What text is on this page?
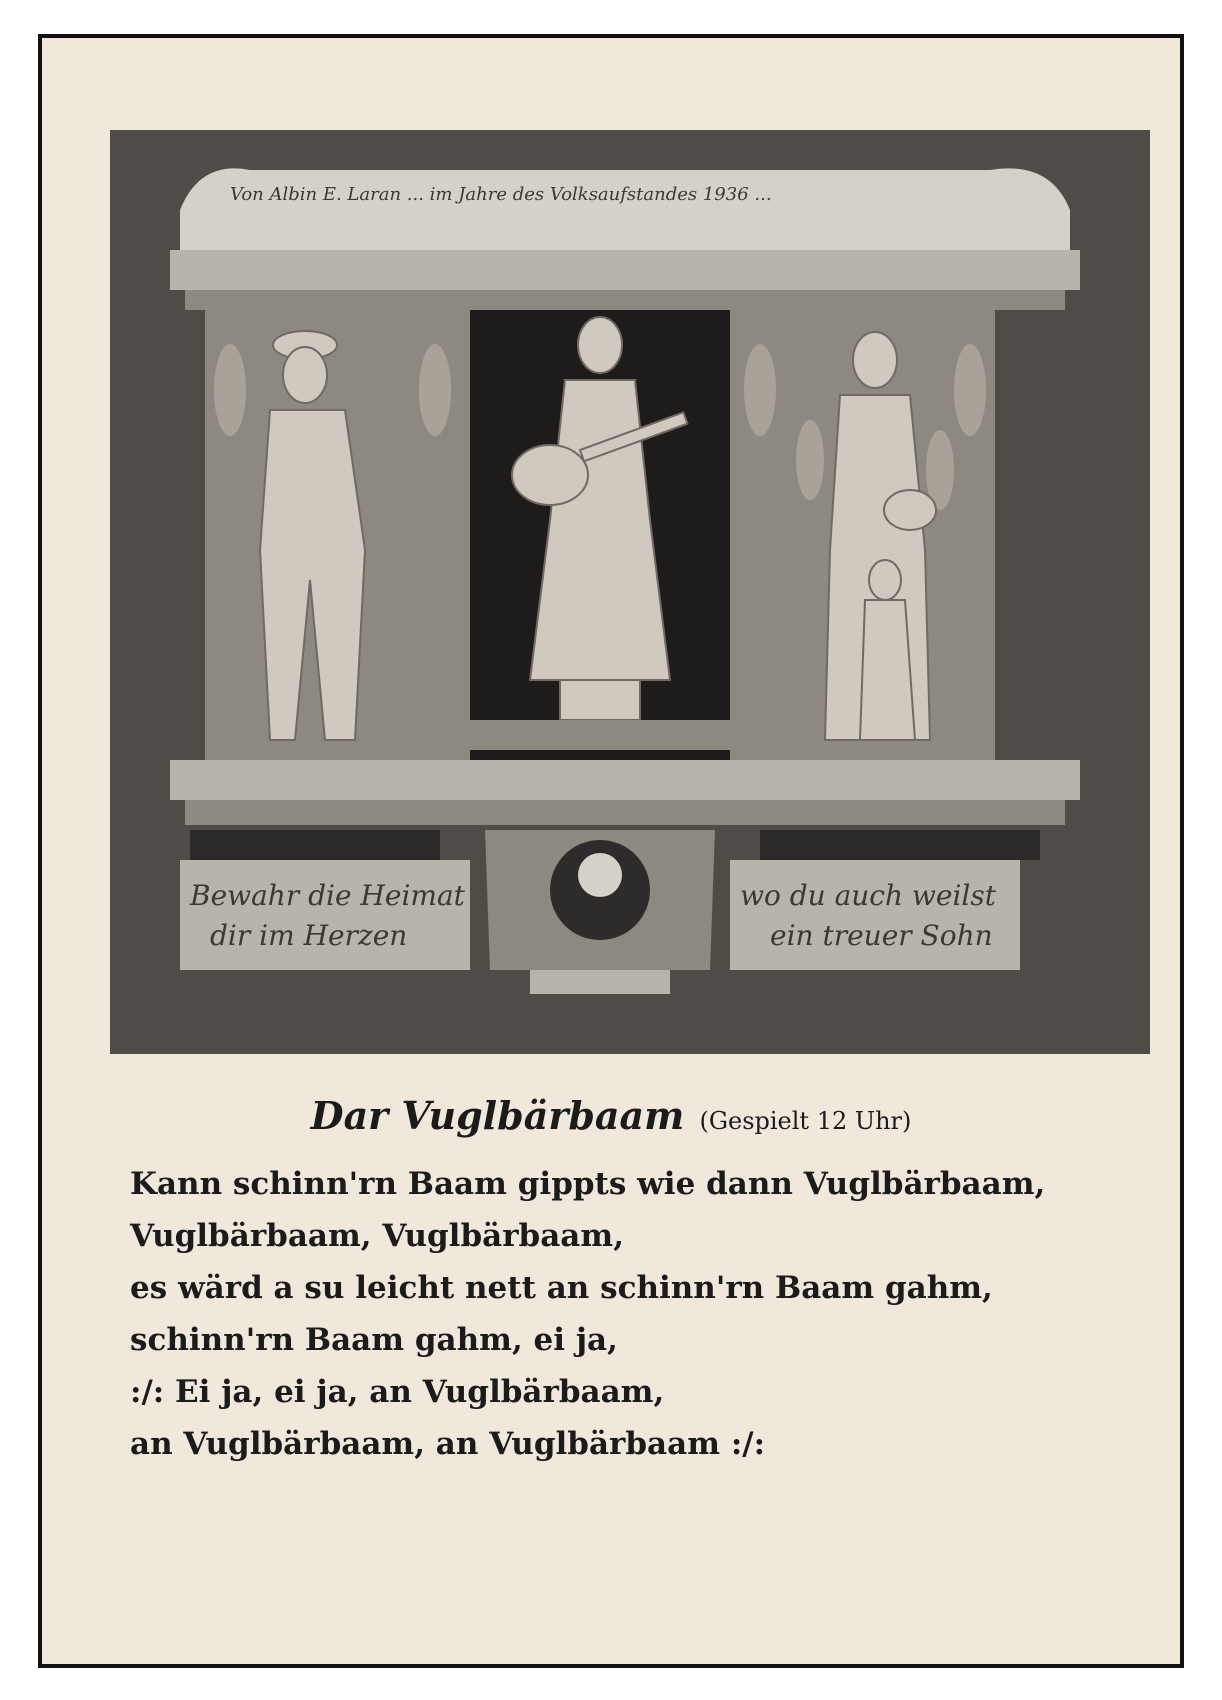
Von Albin E. Laran ... im Jahre des Volksaufstandes 1936 ...
Bewahr die Heimat
dir im Herzen
wo du auch weilst
ein treuer Sohn
Dar Vuglbärbaam (Gespielt 12 Uhr)
Kann schinn'rn Baam gippts wie dann Vuglbärbaam,
Vuglbärbaam, Vuglbärbaam,
es wärd a su leicht nett an schinn'rn Baam gahm,
schinn'rn Baam gahm, ei ja,
:/: Ei ja, ei ja, an Vuglbärbaam,
an Vuglbärbaam, an Vuglbärbaam :/:
